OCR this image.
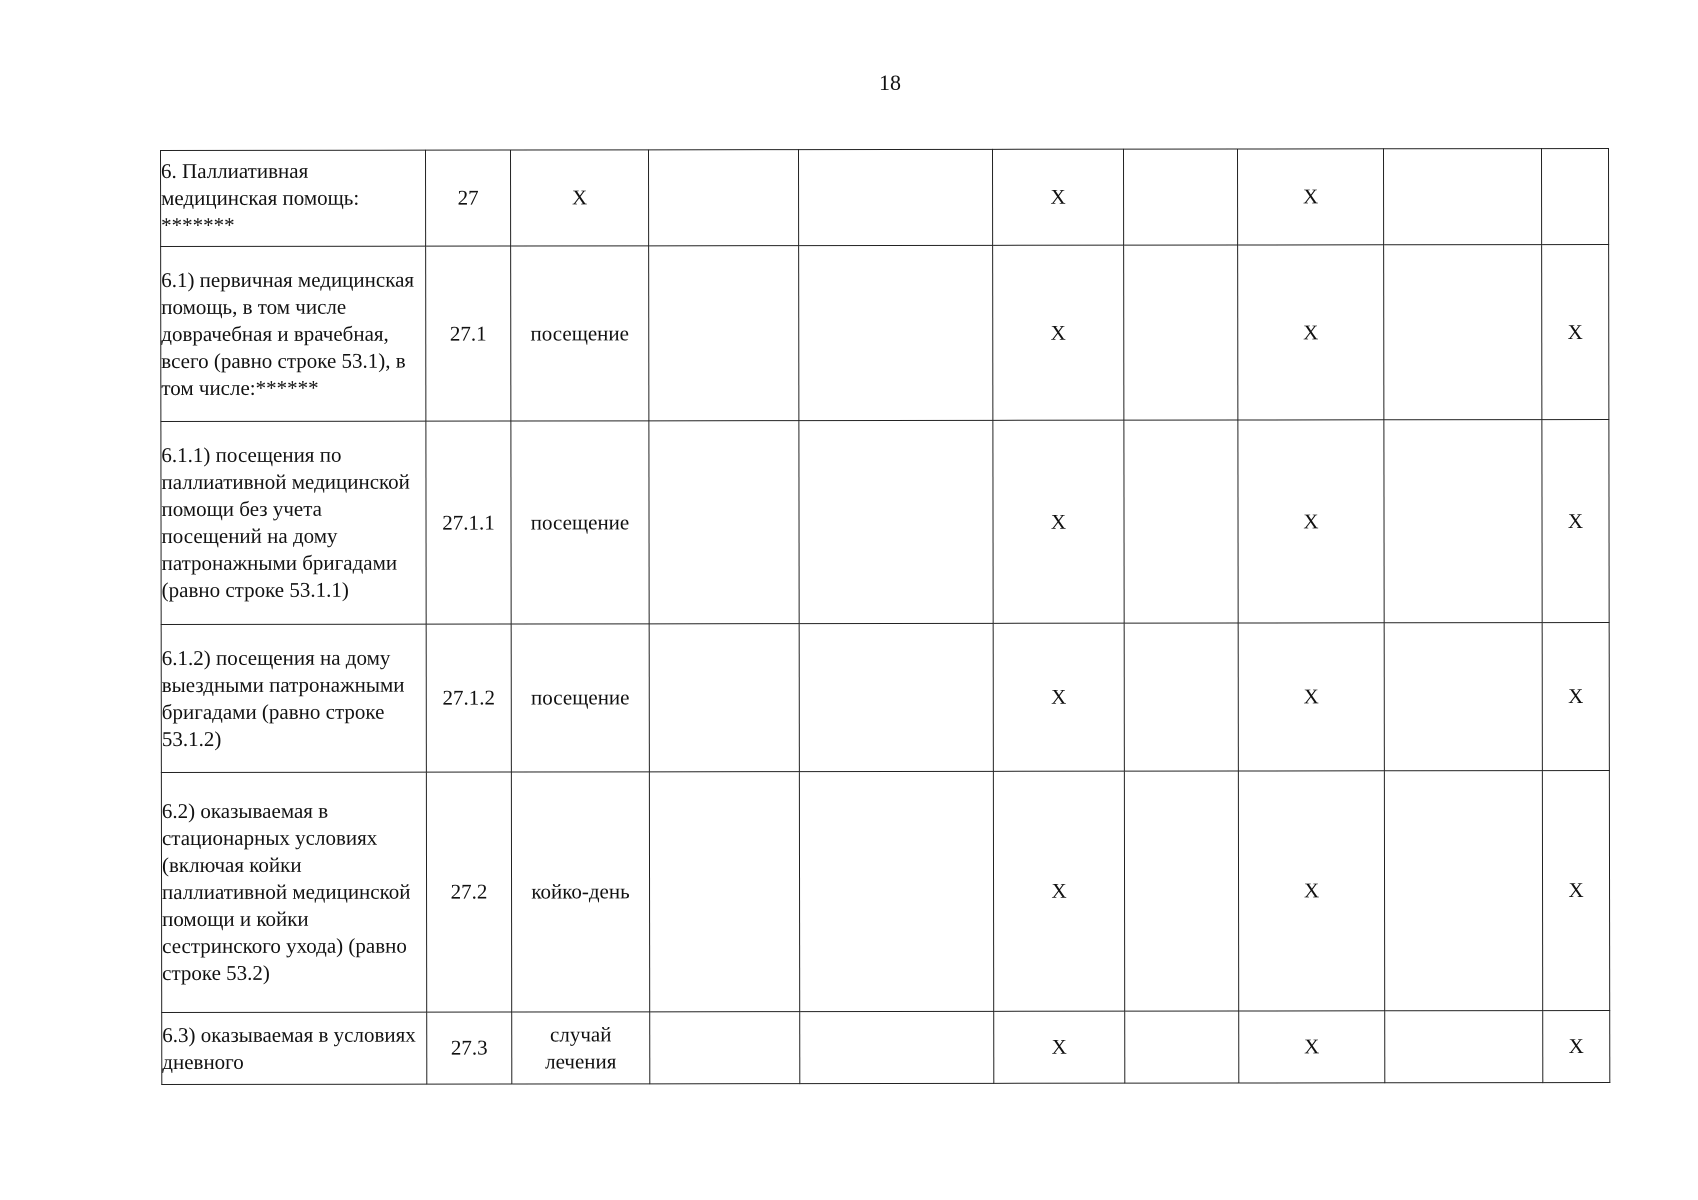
18
6. Паллиативная медицинская помощь: *******	27	X			X		X		
6.1) первичная медицинская помощь, в том числе доврачебная и врачебная, всего (равно строке 53.1), в том числе:******	27.1	посещение			X		X		X
6.1.1) посещения по паллиативной медицинской помощи без учета посещений на дому патронажными бригадами (равно строке 53.1.1)	27.1.1	посещение			X		X		X
6.1.2) посещения на дому выездными патронажными бригадами (равно строке 53.1.2)	27.1.2	посещение			X		X		X
6.2) оказываемая в стационарных условиях (включая койки паллиативной медицинской помощи и койки сестринского ухода) (равно строке 53.2)	27.2	койко-день			X		X		X
6.3) оказываемая в условиях дневного	27.3	случай лечения			X		X		X
